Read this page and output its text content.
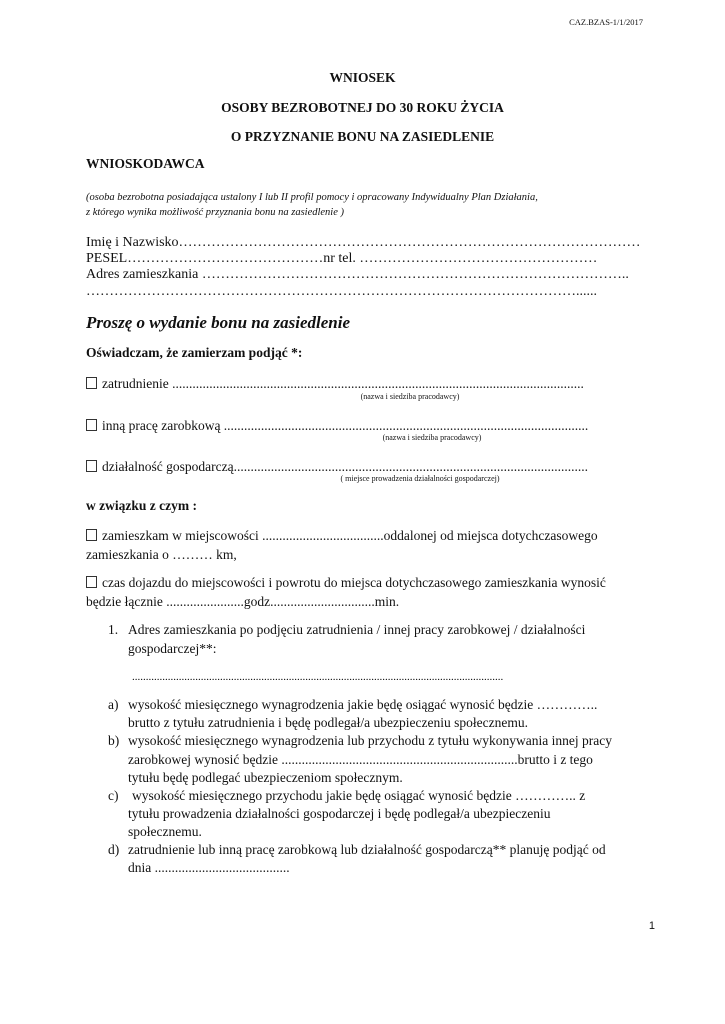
CAZ.BZAS-1/1/2017
WNIOSEK
OSOBY BEZROBOTNEJ DO 30 ROKU ŻYCIA
O PRZYZNANIE BONU NA ZASIEDLENIE
WNIOSKODAWCA
(osoba bezrobotna posiadająca ustalony I lub II profil pomocy i opracowany Indywidualny Plan Działania,
z którego wynika możliwość przyznania bonu na zasiedlenie )
Imię i Nazwisko………………………………………………………………………………………
PESEL……………………………………nr tel. ……………………………………………
Adres zamieszkania ………………………………………………………………………………..
……………………………………………………………………………………………......
Proszę o wydanie bonu na zasiedlenie
Oświadczam, że zamierzam podjąć *:
zatrudnienie ..........................................................................................................................
(nazwa i siedziba pracodawcy)
inną pracę zarobkową ............................................................................................................
(nazwa i siedziba pracodawcy)
działalność gospodarczą.........................................................................................................
( miejsce prowadzenia działalności gospodarczej)
w związku z czym :
zamieszkam w miejscowości ....................................oddalonej od miejsca dotychczasowego
zamieszkania o ……… km,
czas dojazdu do miejscowości i powrotu do miejsca dotychczasowego zamieszkania wynosić
będzie łącznie .......................godz...............................min.
1. Adres zamieszkania po podjęciu zatrudnienia / innej pracy zarobkowej / działalności
gospodarczej**:
.......................................................................................................................................
a) wysokość miesięcznego wynagrodzenia jakie będę osiągać wynosić będzie …………..
brutto z tytułu zatrudnienia i będę podlegał/a ubezpieczeniu społecznemu.
b) wysokość miesięcznego wynagrodzenia lub przychodu z tytułu wykonywania innej pracy
zarobkowej wynosić będzie ......................................................................brutto i z tego
tytułu będę podlegać ubezpieczeniom społecznym.
c) wysokość miesięcznego przychodu jakie będę osiągać wynosić będzie ………….. z
tytułu prowadzenia działalności gospodarczej i będę podlegał/a ubezpieczeniu
społecznemu.
d) zatrudnienie lub inną pracę zarobkową lub działalność gospodarczą** planuję podjąć od
dnia ........................................
1
